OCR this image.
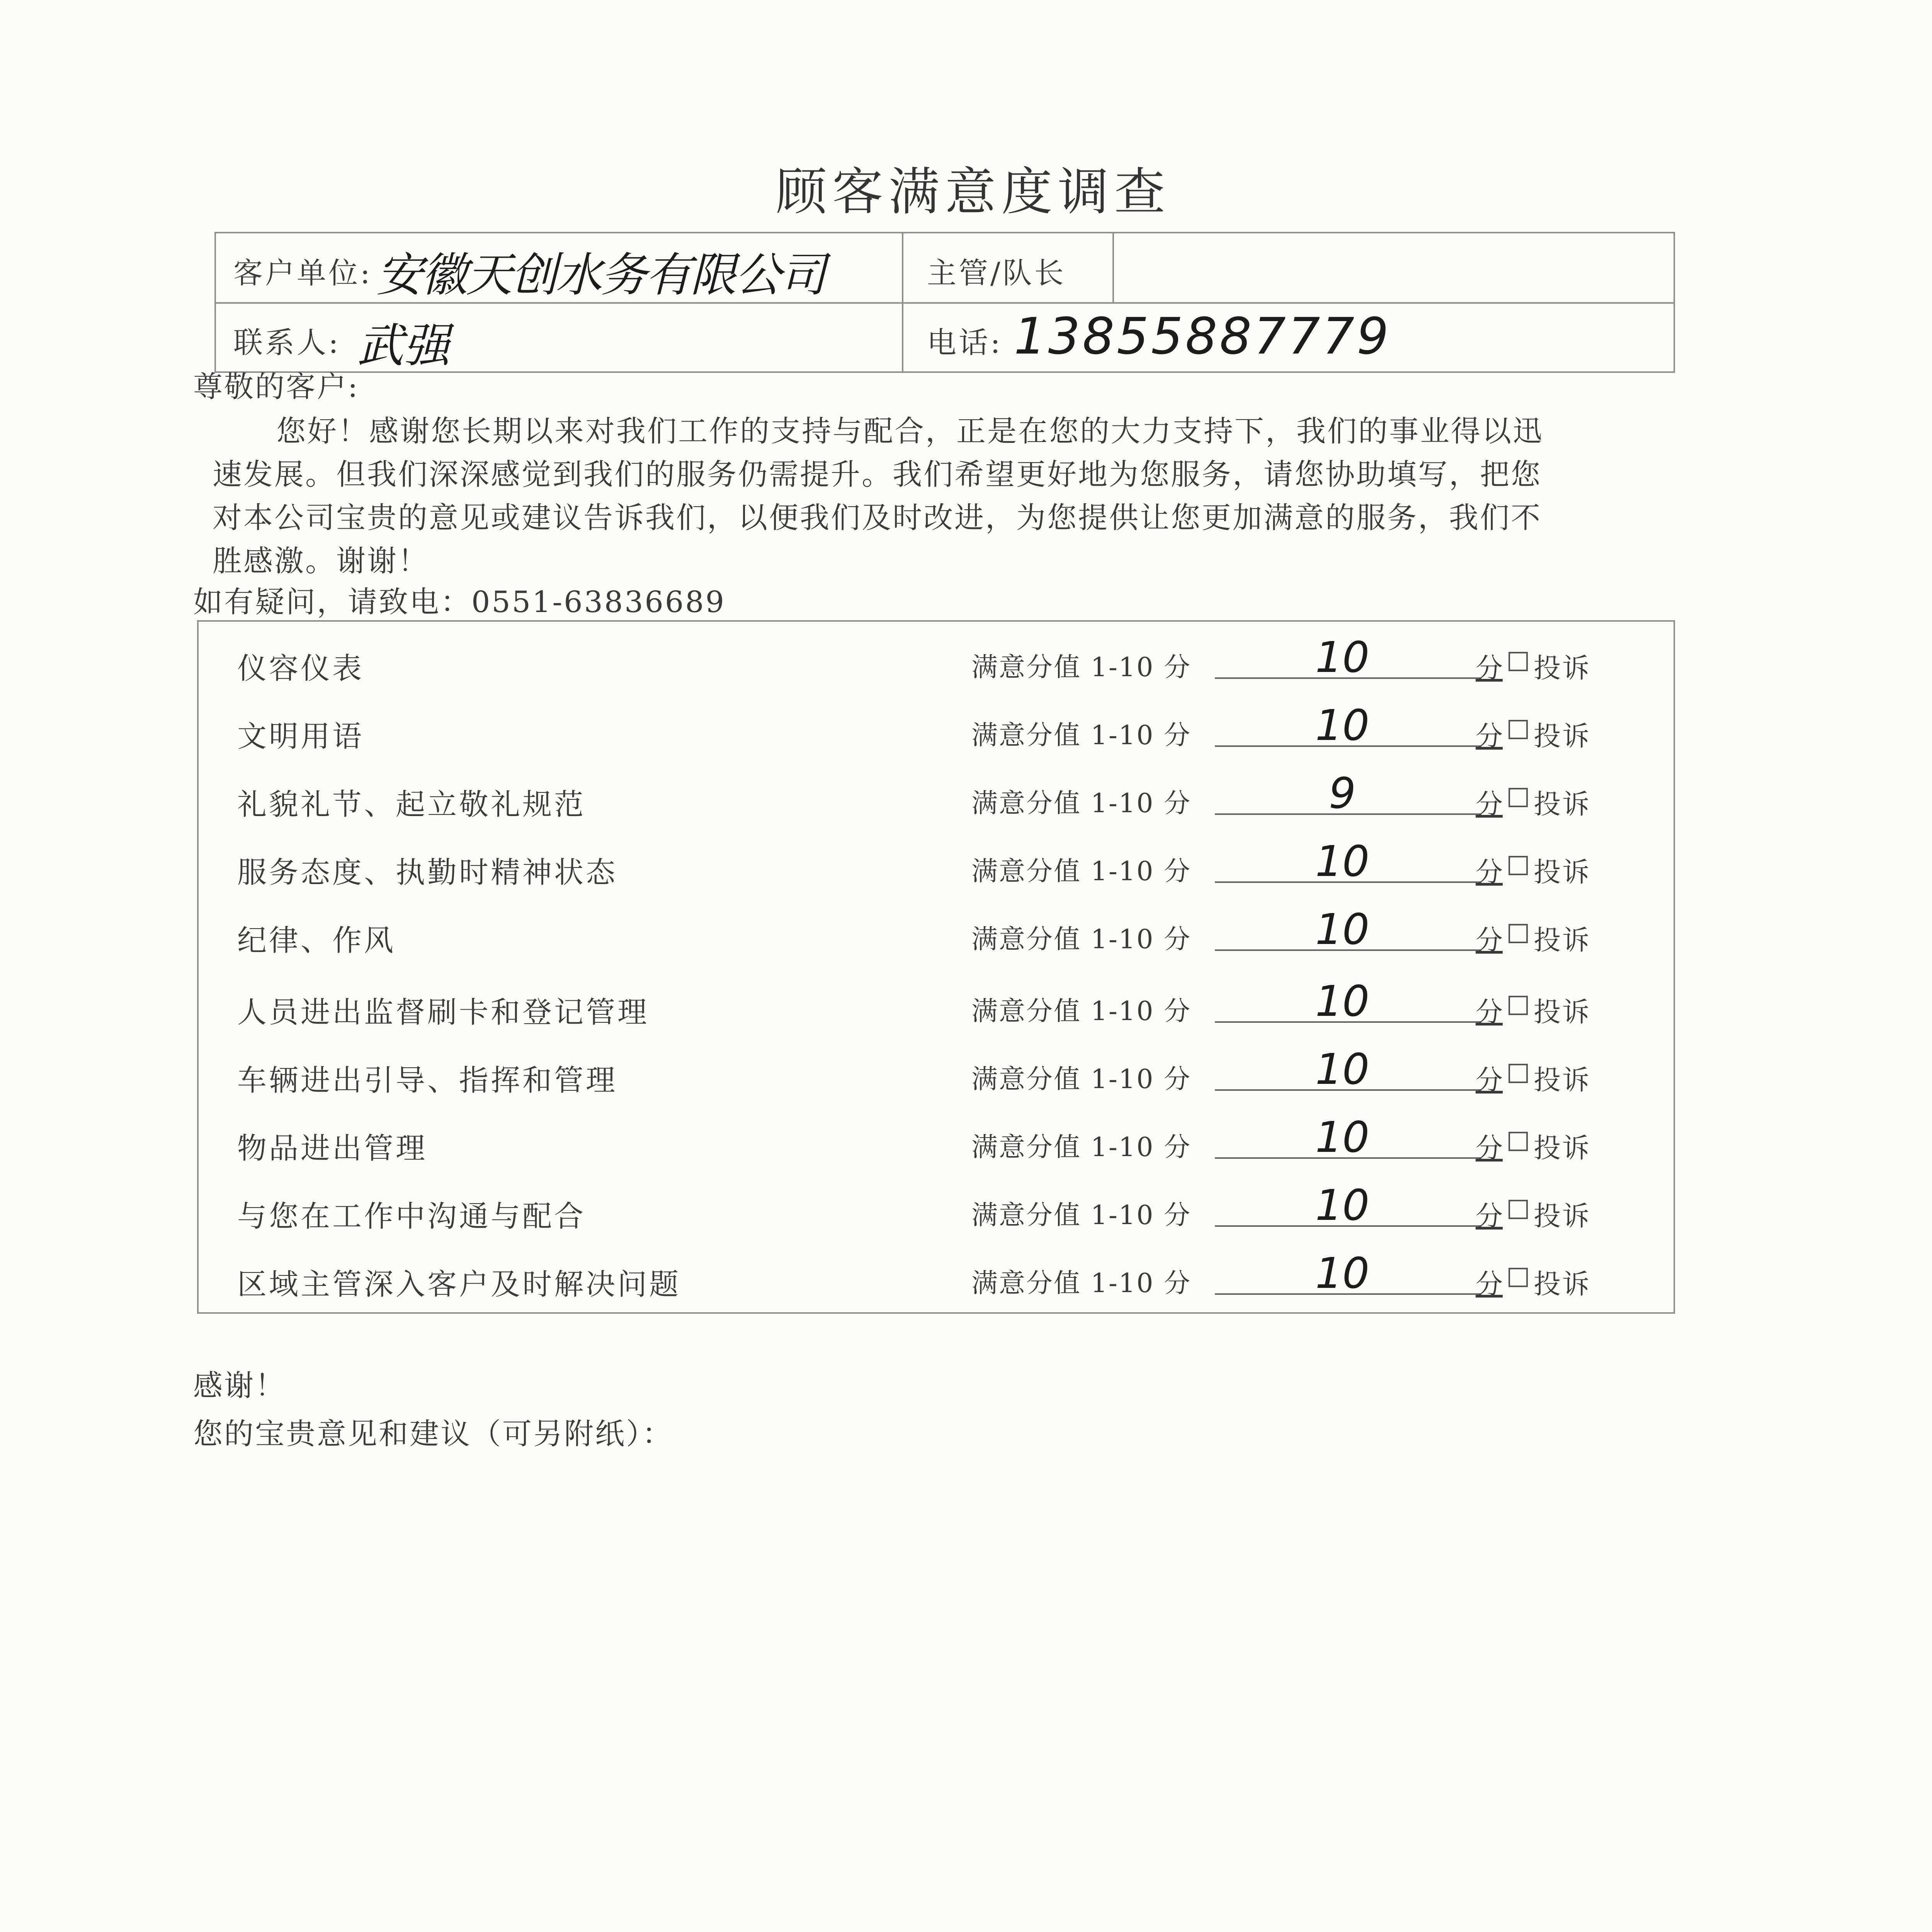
顾客满意度调查
客户单位: 安徽天创水务有限公司	主管/队长
联系人: 武强	电话: 13855887779
尊敬的客户:
您好！感谢您长期以来对我们工作的支持与配合，正是在您的大力支持下，我们的事业得以迅
速发展。但我们深深感觉到我们的服务仍需提升。我们希望更好地为您服务，请您协助填写，把您
对本公司宝贵的意见或建议告诉我们，以便我们及时改进，为您提供让您更加满意的服务，我们不
胜感激。谢谢！
如有疑问，请致电：0551-63836689
仪容仪表	满意分值 1-10 分	10	分 投诉
文明用语	满意分值 1-10 分	10	分 投诉
礼貌礼节、起立敬礼规范	满意分值 1-10 分	9	分 投诉
服务态度、执勤时精神状态	满意分值 1-10 分	10	分 投诉
纪律、作风	满意分值 1-10 分	10	分 投诉
人员进出监督刷卡和登记管理	满意分值 1-10 分	10	分 投诉
车辆进出引导、指挥和管理	满意分值 1-10 分	10	分 投诉
物品进出管理	满意分值 1-10 分	10	分 投诉
与您在工作中沟通与配合	满意分值 1-10 分	10	分 投诉
区域主管深入客户及时解决问题	满意分值 1-10 分	10	分 投诉
感谢！
您的宝贵意见和建议（可另附纸）：
